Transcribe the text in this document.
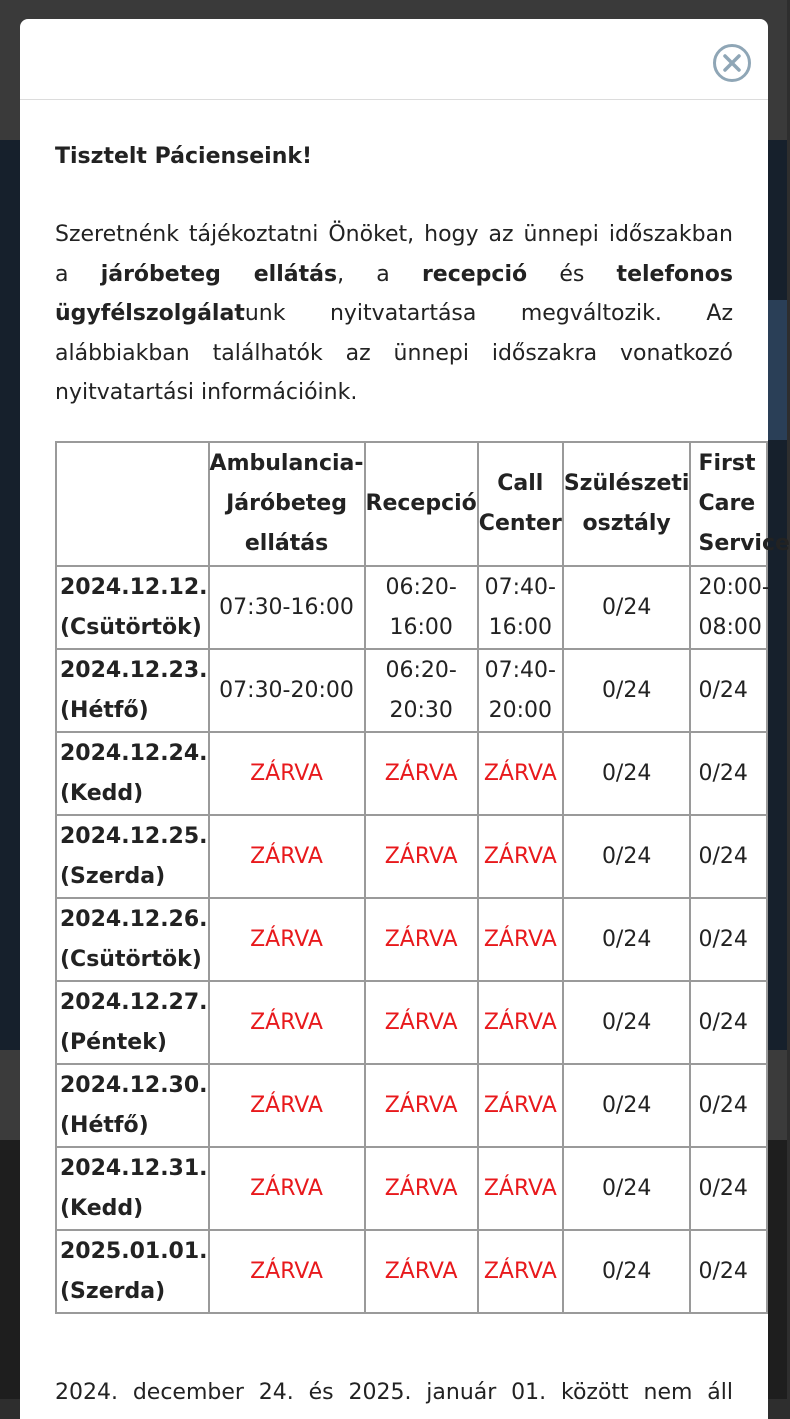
Tisztelt Pácienseink!

Szeretnénk tájékoztatni Önöket, hogy az ünnepi időszakban a járóbeteg ellátás, a recepció és telefonos ügyfélszolgálatunk nyitvatartása megváltozik. Az alábbiakban találhatók az ünnepi időszakra vonatkozó nyitvatartási információink.

	Ambulancia-Járóbeteg ellátás	Recepció	Call Center	Szülészeti osztály	First Care Service
2024.12.12. (Csütörtök)	07:30-16:00	06:20-16:00	07:40-16:00	0/24	20:00-08:00
2024.12.23. (Hétfő)	07:30-20:00	06:20-20:30	07:40-20:00	0/24	0/24
2024.12.24. (Kedd)	ZÁRVA	ZÁRVA	ZÁRVA	0/24	0/24
2024.12.25. (Szerda)	ZÁRVA	ZÁRVA	ZÁRVA	0/24	0/24
2024.12.26. (Csütörtök)	ZÁRVA	ZÁRVA	ZÁRVA	0/24	0/24
2024.12.27. (Péntek)	ZÁRVA	ZÁRVA	ZÁRVA	0/24	0/24
2024.12.30. (Hétfő)	ZÁRVA	ZÁRVA	ZÁRVA	0/24	0/24
2024.12.31. (Kedd)	ZÁRVA	ZÁRVA	ZÁRVA	0/24	0/24
2025.01.01. (Szerda)	ZÁRVA	ZÁRVA	ZÁRVA	0/24	0/24
2024. december 24. és 2025. január 01. között nem áll
